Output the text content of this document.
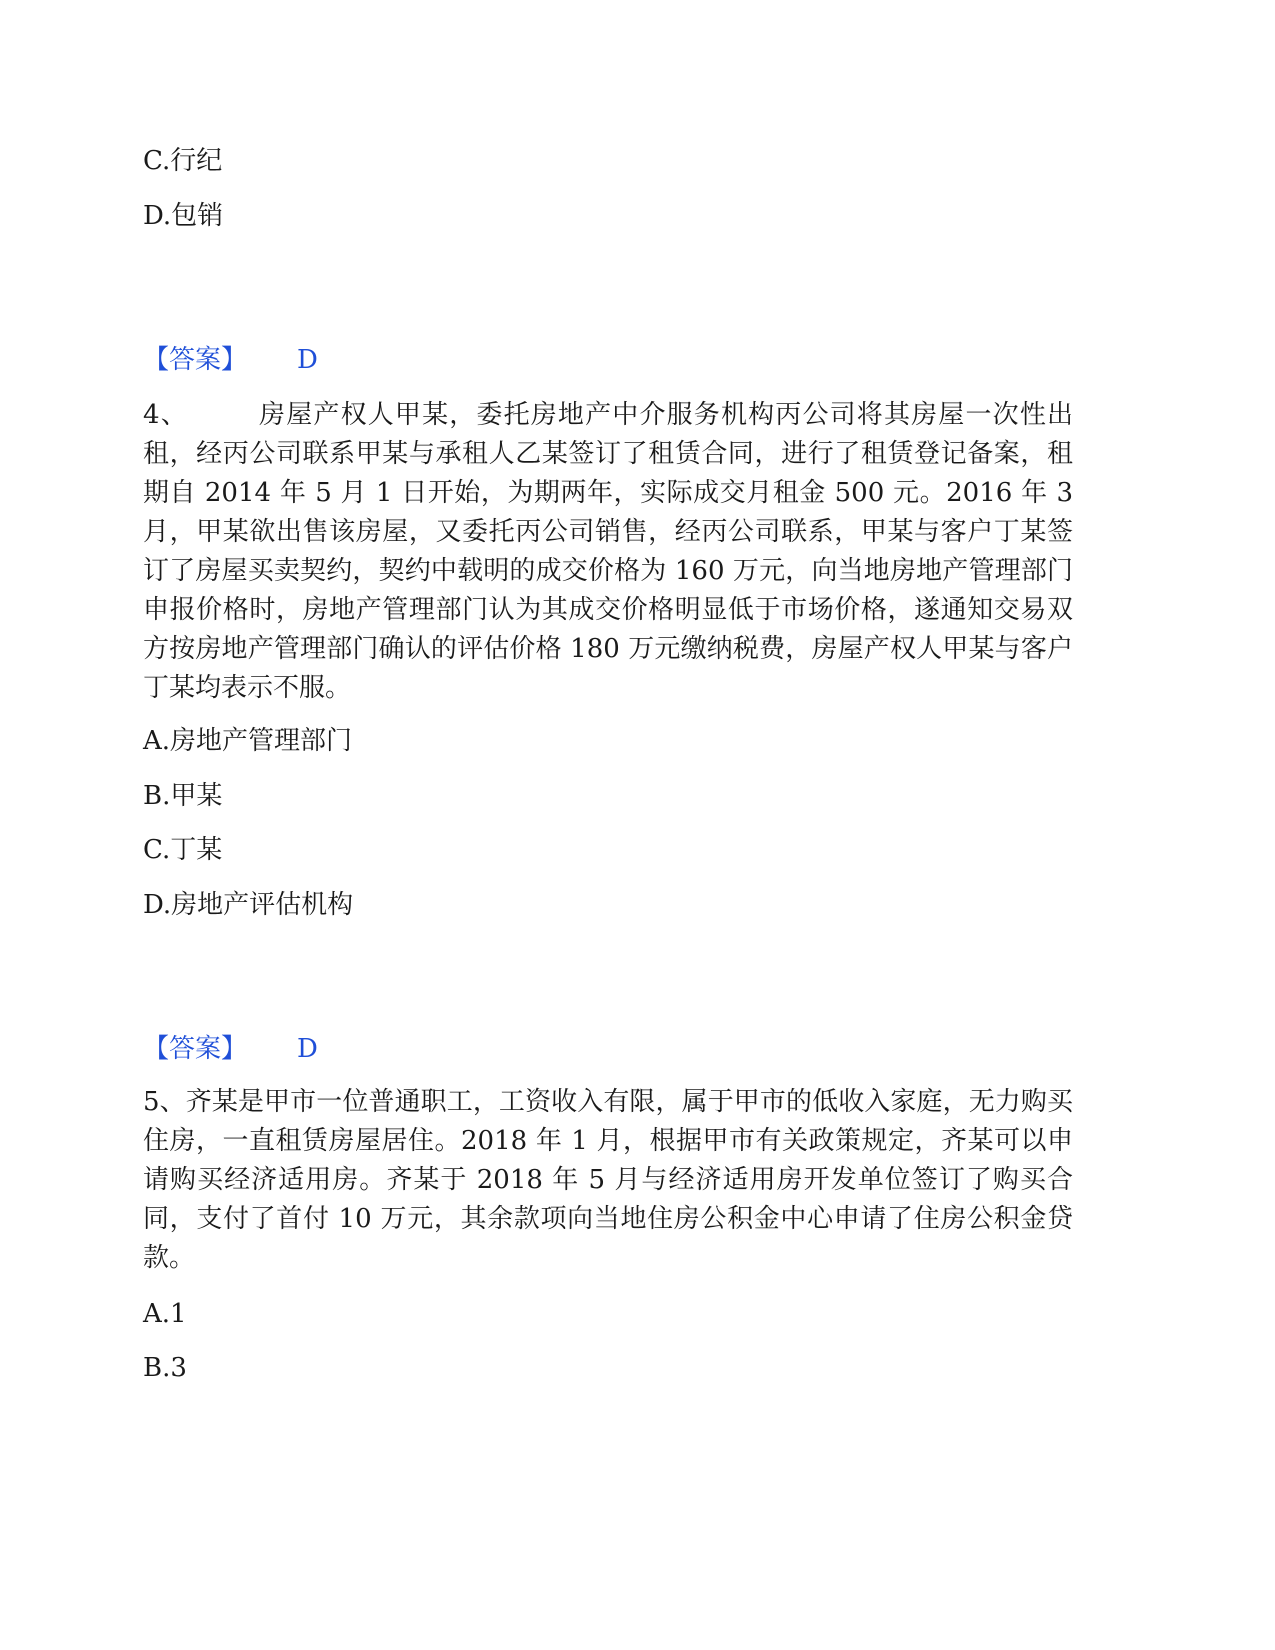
C.行纪
D.包销
【答案】 D
4、	房屋产权人甲某，委托房地产中介服务机构丙公司将其房屋一次性出租，经丙公司联系甲某与承租人乙某签订了租赁合同，进行了租赁登记备案，租期自 2014 年 5 月 1 日开始，为期两年，实际成交月租金 500 元。2016 年 3 月，甲某欲出售该房屋，又委托丙公司销售，经丙公司联系，甲某与客户丁某签订了房屋买卖契约，契约中载明的成交价格为 160 万元，向当地房地产管理部门申报价格时，房地产管理部门认为其成交价格明显低于市场价格，遂通知交易双方按房地产管理部门确认的评估价格 180 万元缴纳税费，房屋产权人甲某与客户丁某均表示不服。
A.房地产管理部门
B.甲某
C.丁某
D.房地产评估机构
【答案】 D
5、齐某是甲市一位普通职工，工资收入有限，属于甲市的低收入家庭，无力购买住房，一直租赁房屋居住。2018 年 1 月，根据甲市有关政策规定，齐某可以申请购买经济适用房。齐某于 2018 年 5 月与经济适用房开发单位签订了购买合同，支付了首付 10 万元，其余款项向当地住房公积金中心申请了住房公积金贷款。
A.1
B.3
